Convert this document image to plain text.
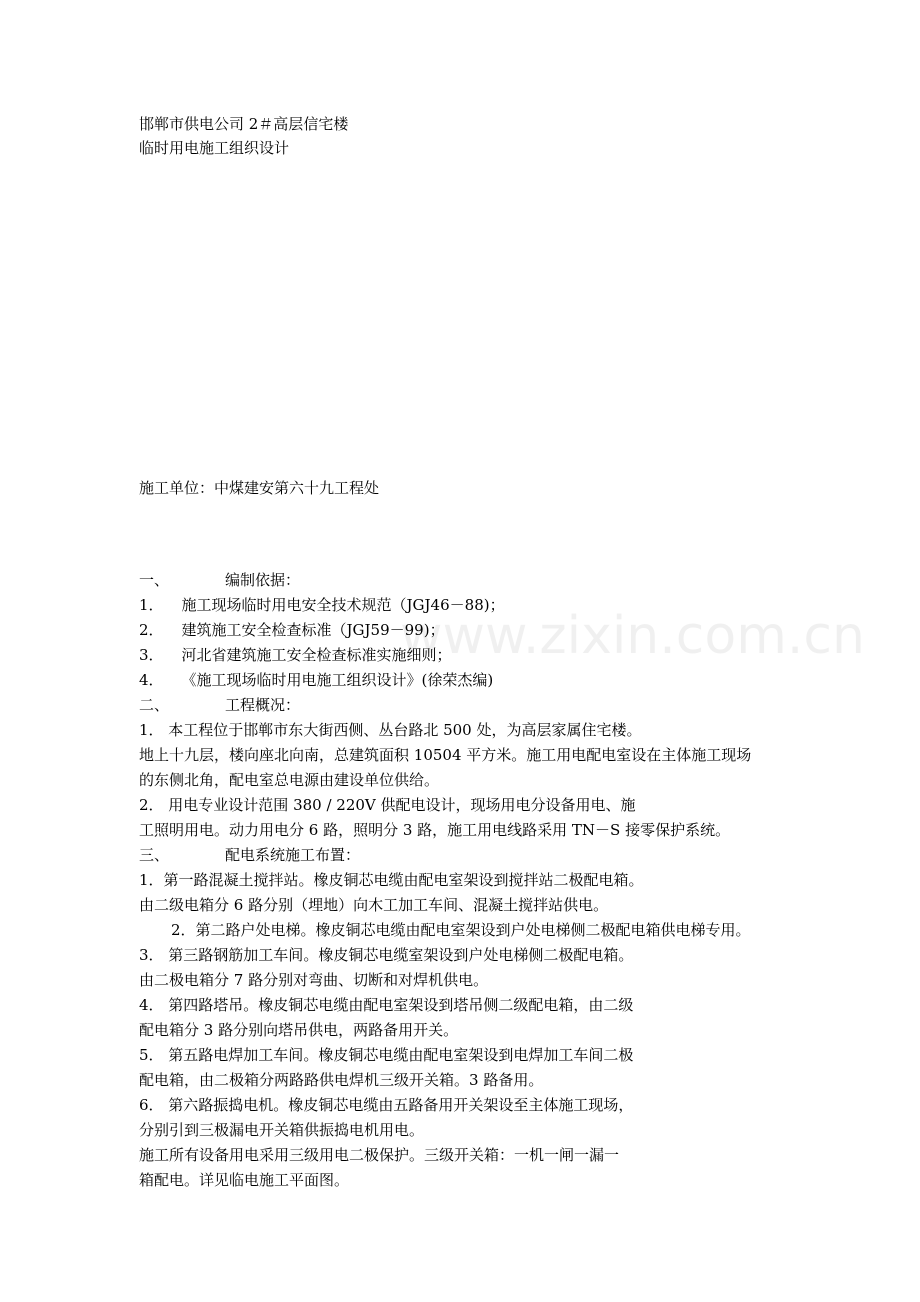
www.zixin.com.cn
邯郸市供电公司 2＃高层信宅楼
临时用电施工组织设计
施工单位：中煤建安第六十九工程处
一、	编制依据：
1． 施工现场临时用电安全技术规范（JGJ46－88)；
2． 建筑施工安全检查标准（JGJ59－99)；
3． 河北省建筑施工安全检查标准实施细则；
4． 《施工现场临时用电施工组织设计》(徐荣杰编)
二、	工程概况：
1． 本工程位于邯郸市东大街西侧、丛台路北 500 处，为高层家属住宅楼。
地上十九层，楼向座北向南，总建筑面积 10504 平方米。施工用电配电室设在主体施工现场
的东侧北角，配电室总电源由建设单位供给。
2． 用电专业设计范围 380 / 220V 供配电设计，现场用电分设备用电、施
工照明用电。动力用电分 6 路，照明分 3 路，施工用电线路采用 TN－S 接零保护系统。
三、	配电系统施工布置：
1．第一路混凝土搅拌站。橡皮铜芯电缆由配电室架设到搅拌站二极配电箱。
由二级电箱分 6 路分别（埋地）向木工加工车间、混凝土搅拌站供电。
2．第二路户处电梯。橡皮铜芯电缆由配电室架设到户处电梯侧二极配电箱供电梯专用。
3． 第三路钢筋加工车间。橡皮铜芯电缆室架设到户处电梯侧二极配电箱。
由二极电箱分 7 路分别对弯曲、切断和对焊机供电。
4． 第四路塔吊。橡皮铜芯电缆由配电室架设到塔吊侧二级配电箱，由二级
配电箱分 3 路分别向塔吊供电，两路备用开关。
5． 第五路电焊加工车间。橡皮铜芯电缆由配电室架设到电焊加工车间二极
配电箱，由二极箱分两路路供电焊机三级开关箱。3 路备用。
6． 第六路振捣电机。橡皮铜芯电缆由五路备用开关架设至主体施工现场，
分别引到三极漏电开关箱供振捣电机用电。
施工所有设备用电采用三级用电二极保护。三级开关箱：一机一闸一漏一
箱配电。详见临电施工平面图。
